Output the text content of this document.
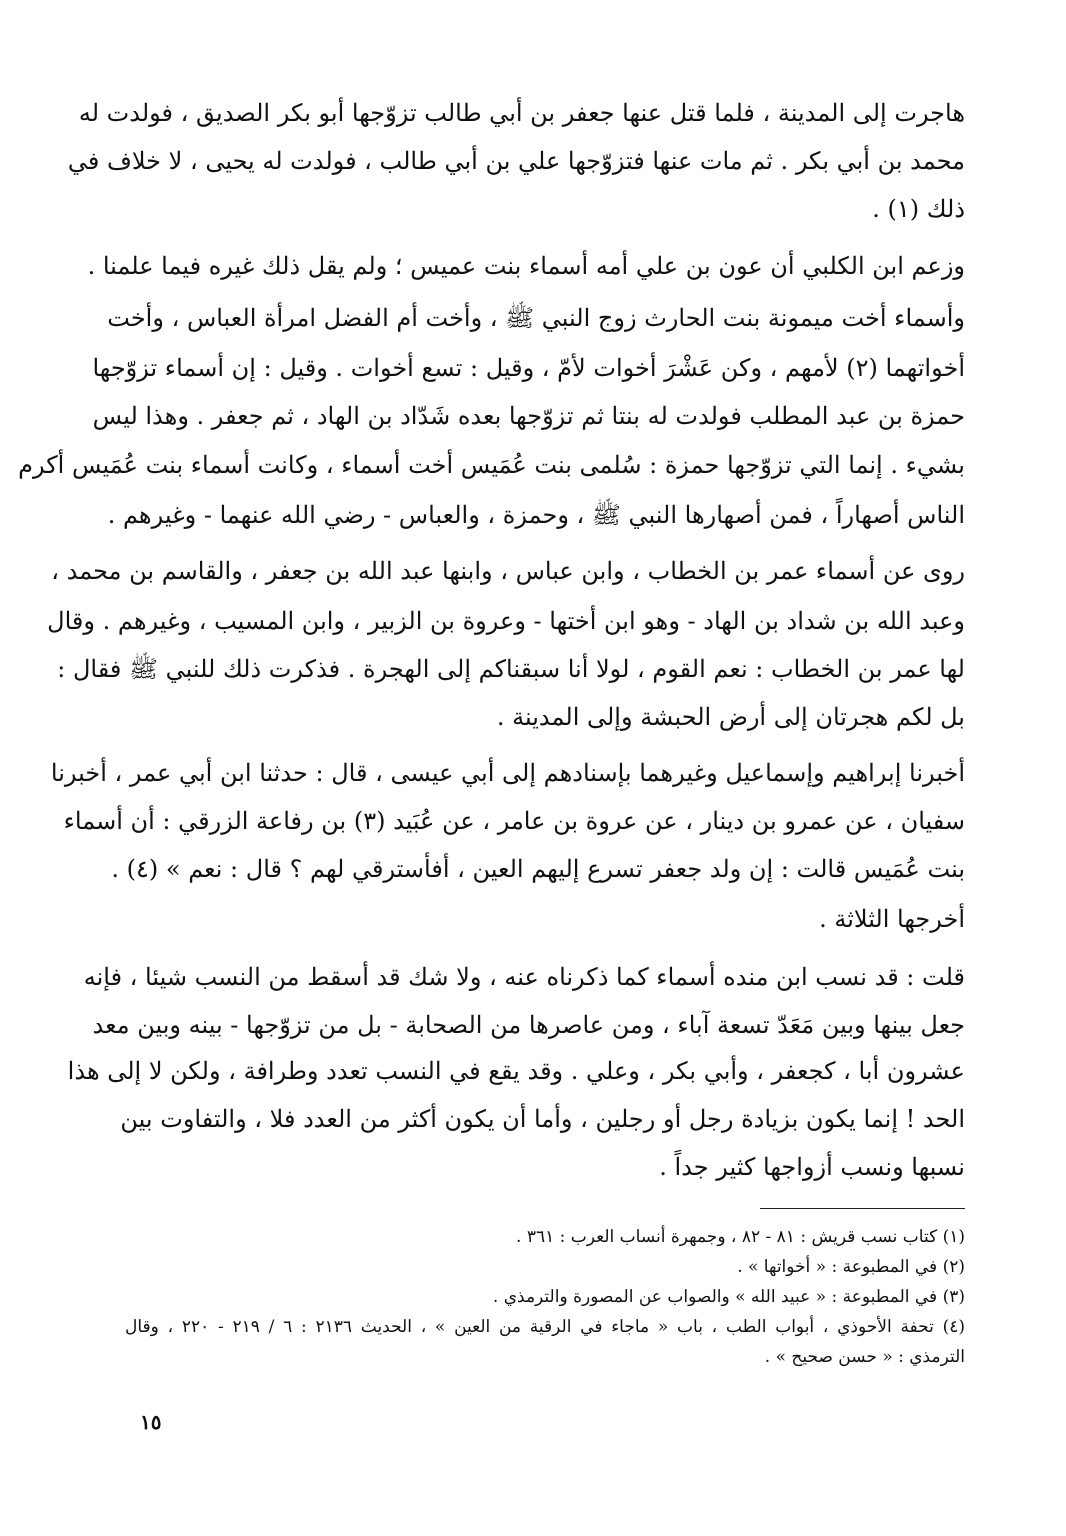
هاجرت إلى المدينة ، فلما قتل عنها جعفر بن أبي طالب تزوّجها أبو بكر الصديق ، فولدت له
محمد بن أبي بكر . ثم مات عنها فتزوّجها علي بن أبي طالب ، فولدت له يحيى ، لا خلاف في
ذلك (١) .
وزعم ابن الكلبي أن عون بن علي أمه أسماء بنت عميس ؛ ولم يقل ذلك غيره فيما علمنا .
وأسماء أخت ميمونة بنت الحارث زوج النبي ﷺ ، وأخت أم الفضل امرأة العباس ، وأخت
أخواتهما (٢) لأمهم ، وكن عَشْرَ أخوات لأمّ ، وقيل : تسع أخوات . وقيل : إن أسماء تزوّجها
حمزة بن عبد المطلب فولدت له بنتا ثم تزوّجها بعده شَدّاد بن الهاد ، ثم جعفر . وهذا ليس
بشيء . إنما التي تزوّجها حمزة : سُلمى بنت عُمَيس أخت أسماء ، وكانت أسماء بنت عُمَيس أكرم
الناس أصهاراً ، فمن أصهارها النبي ﷺ ، وحمزة ، والعباس - رضي الله عنهما - وغيرهم .
روى عن أسماء عمر بن الخطاب ، وابن عباس ، وابنها عبد الله بن جعفر ، والقاسم بن محمد ،
وعبد الله بن شداد بن الهاد - وهو ابن أختها - وعروة بن الزبير ، وابن المسيب ، وغيرهم . وقال
لها عمر بن الخطاب : نعم القوم ، لولا أنا سبقناكم إلى الهجرة . فذكرت ذلك للنبي ﷺ فقال :
بل لكم هجرتان إلى أرض الحبشة وإلى المدينة .
أخبرنا إبراهيم وإسماعيل وغيرهما بإسنادهم إلى أبي عيسى ، قال : حدثنا ابن أبي عمر ، أخبرنا
سفيان ، عن عمرو بن دينار ، عن عروة بن عامر ، عن عُبَيد (٣) بن رفاعة الزرقي : أن أسماء
بنت عُمَيس قالت : إن ولد جعفر تسرع إليهم العين ، أفأسترقي لهم ؟ قال : نعم » (٤) .
أخرجها الثلاثة .
قلت : قد نسب ابن منده أسماء كما ذكرناه عنه ، ولا شك قد أسقط من النسب شيئا ، فإنه
جعل بينها وبين مَعَدّ تسعة آباء ، ومن عاصرها من الصحابة - بل من تزوّجها - بينه وبين معد
عشرون أبا ، كجعفر ، وأبي بكر ، وعلي . وقد يقع في النسب تعدد وطرافة ، ولكن لا إلى هذا
الحد ! إنما يكون بزيادة رجل أو رجلين ، وأما أن يكون أكثر من العدد فلا ، والتفاوت بين
نسبها ونسب أزواجها كثير جداً .
(١) كتاب نسب قريش : ٨١ - ٨٢ ، وجمهرة أنساب العرب : ٣٦١ .
(٢) في المطبوعة : « أخواتها » .
(٣) في المطبوعة : « عبيد الله » والصواب عن المصورة والترمذي .
(٤) تحفة الأحوذي ، أبواب الطب ، باب « ماجاء في الرقية من العين » ، الحديث ٢١٣٦ : ٦ / ٢١٩ - ٢٢٠ ، وقال
الترمذي : « حسن صحيح » .
١٥
